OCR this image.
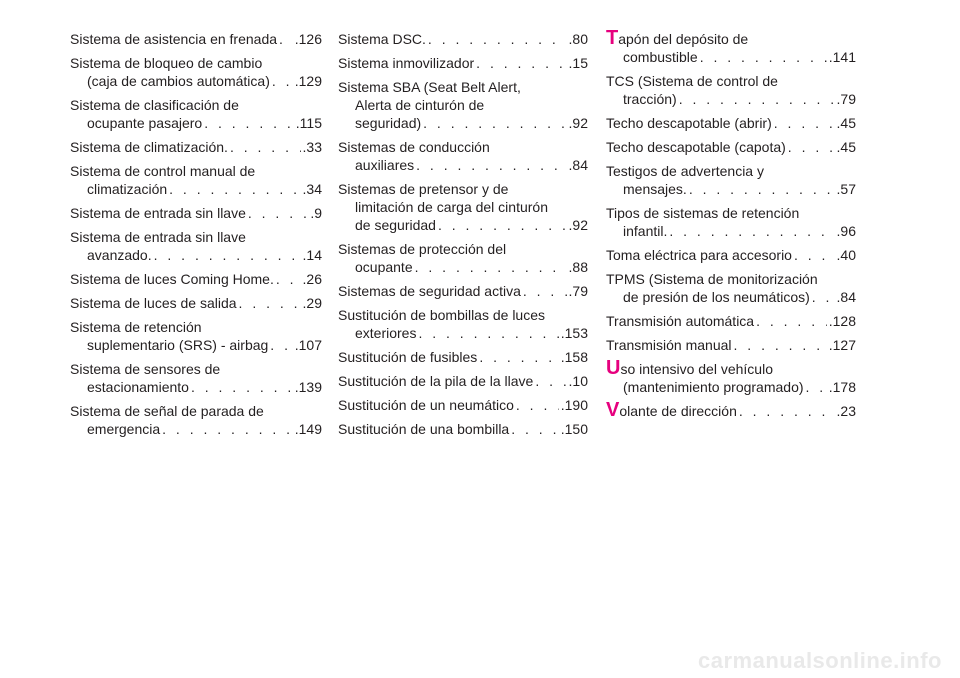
Sistema de asistencia en frenada . . . .126
Sistema de bloqueo de cambio
(caja de cambios automática) . . . .129
Sistema de clasificación de
ocupante pasajero . . .	.115
Sistema de climatización. . . .	.33
Sistema de control manual de
climatización . . .	.34
Sistema de entrada sin llave . . .	.9
Sistema de entrada sin llave
avanzado. . . .	.14
Sistema de luces Coming Home. . . . .26
Sistema de luces de salida . . .	.29
Sistema de retención
suplementario (SRS) - airbag . . . .107
Sistema de sensores de
estacionamiento . . .	.139
Sistema de señal de parada de
emergencia . . .	.149
Sistema DSC. . . .	.80
Sistema inmovilizador . . .	.15
Sistema SBA (Seat Belt Alert,
Alerta de cinturón de
seguridad) . . .	.92
Sistemas de conducción
auxiliares . . .	.84
Sistemas de pretensor y de
limitación de carga del cinturón
de seguridad . . .	.92
Sistemas de protección del
ocupante . . .	.88
Sistemas de seguridad activa . . .	.79
Sustitución de bombillas de luces
exteriores . . .	.153
Sustitución de fusibles . . .	.158
Sustitución de la pila de la llave . . .	.10
Sustitución de un neumático . . .	.190
Sustitución de una bombilla . . .	.150
T apón del depósito de
combustible . . .	.141
TCS (Sistema de control de
tracción) . . .	.79
Techo descapotable (abrir) . . .	.45
Techo descapotable (capota) . . .	.45
Testigos de advertencia y
mensajes. . . .	.57
Tipos de sistemas de retención
infantil. . . .	.96
Toma eléctrica para accesorio . . .	.40
TPMS (Sistema de monitorización
de presión de los neumáticos) . . . .84
Transmisión automática . . .	.128
Transmisión manual . . .	.127
U so intensivo del vehículo
(mantenimiento programado) . . . .178
V olante de dirección . . .	.23
carmanualsonline.info
